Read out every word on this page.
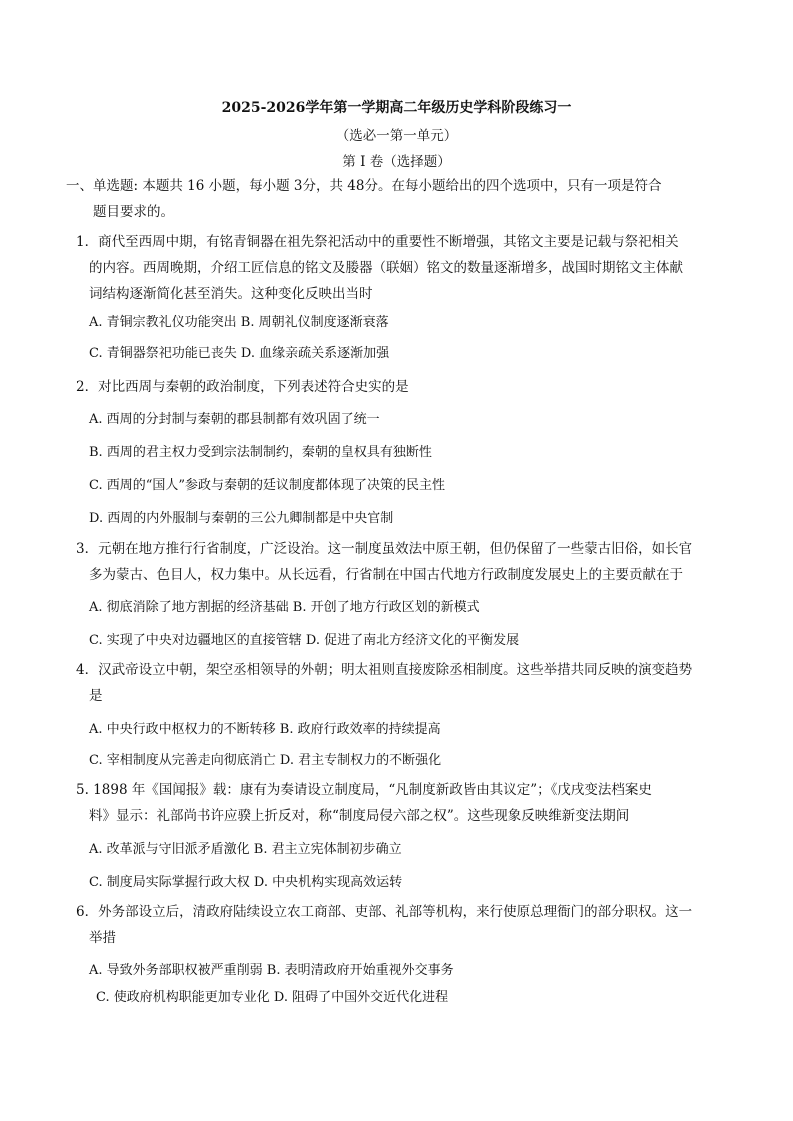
2025-2026学年第一学期高二年级历史学科阶段练习一
（选必一第一单元）
第 I 卷（选择题）
一、单选题: 本题共 16 小题，每小题 3分，共 48分。在每小题给出的四个选项中，只有一项是符合
题目要求的。
1．商代至西周中期，有铭青铜器在祖先祭祀活动中的重要性不断增强，其铭文主要是记载与祭祀相关
的内容。西周晚期，介绍工匠信息的铭文及媵器（联姻）铭文的数量逐渐增多，战国时期铭文主体献
词结构逐渐简化甚至消失。这种变化反映出当时
A. 青铜宗教礼仪功能突出 B. 周朝礼仪制度逐渐衰落
C. 青铜器祭祀功能已丧失 D. 血缘亲疏关系逐渐加强
2．对比西周与秦朝的政治制度，下列表述符合史实的是
A. 西周的分封制与秦朝的郡县制都有效巩固了统一
B. 西周的君主权力受到宗法制制约，秦朝的皇权具有独断性
C. 西周的“国人”参政与秦朝的廷议制度都体现了决策的民主性
D. 西周的内外服制与秦朝的三公九卿制都是中央官制
3．元朝在地方推行行省制度，广泛设治。这一制度虽效法中原王朝，但仍保留了一些蒙古旧俗，如长官
多为蒙古、色目人，权力集中。从长远看，行省制在中国古代地方行政制度发展史上的主要贡献在于
A. 彻底消除了地方割据的经济基础 B. 开创了地方行政区划的新模式
C. 实现了中央对边疆地区的直接管辖 D. 促进了南北方经济文化的平衡发展
4．汉武帝设立中朝，架空丞相领导的外朝；明太祖则直接废除丞相制度。这些举措共同反映的演变趋势
是
A. 中央行政中枢权力的不断转移 B. 政府行政效率的持续提高
C. 宰相制度从完善走向彻底消亡 D. 君主专制权力的不断强化
5. 1898 年《国闻报》载：康有为奏请设立制度局，“凡制度新政皆由其议定”；《戊戌变法档案史
料》显示：礼部尚书许应骙上折反对，称“制度局侵六部之权”。这些现象反映维新变法期间
A. 改革派与守旧派矛盾激化 B. 君主立宪体制初步确立
C. 制度局实际掌握行政大权 D. 中央机构实现高效运转
6．外务部设立后，清政府陆续设立农工商部、吏部、礼部等机构，来行使原总理衙门的部分职权。这一
举措
A. 导致外务部职权被严重削弱 B. 表明清政府开始重视外交事务
C. 使政府机构职能更加专业化 D. 阻碍了中国外交近代化进程
